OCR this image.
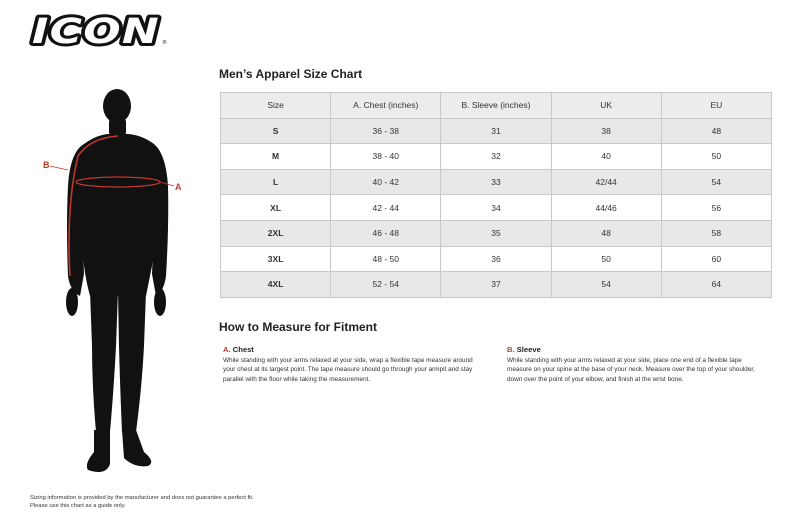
ICON ®
B
A
Men’s Apparel Size Chart
Size	A. Chest (inches)	B. Sleeve (inches)	UK	EU
S	36 - 38	31	38	48
M	38 - 40	32	40	50
L	40 - 42	33	42/44	54
XL	42 - 44	34	44/46	56
2XL	46 - 48	35	48	58
3XL	48 - 50	36	50	60
4XL	52 - 54	37	54	64
How to Measure for Fitment
A. Chest
While standing with your arms relaxed at your side, wrap a flexible tape measure around your chest at its largest point. The tape measure should go through your armpit and stay parallel with the floor while taking the measurement.
B. Sleeve
While standing with your arms relaxed at your side, place one end of a flexible tape measure on your spine at the base of your neck. Measure over the top of your shoulder, down over the point of your elbow, and finish at the wrist bone.
Sizing information is provided by the manufacturer and does not guarantee a perfect fit.
Please use this chart as a guide only.
